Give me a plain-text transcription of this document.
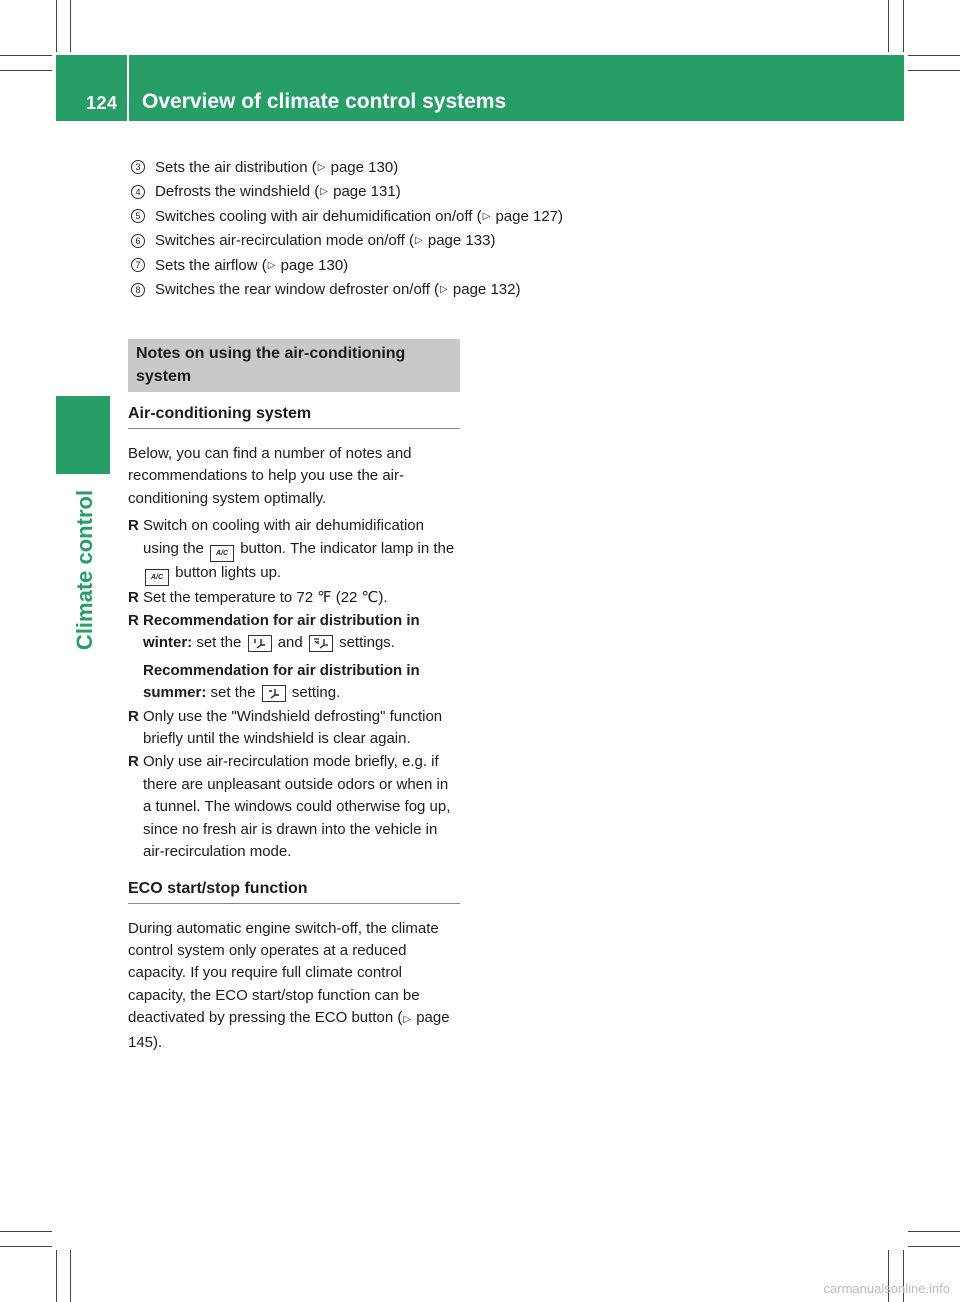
124 Overview of climate control systems
Climate control
3 Sets the air distribution ( ▷
page 130)
4 Defrosts the windshield ( ▷
page 131)
5 Switches cooling with air dehumidification on/off ( ▷
page 127)
6 Switches air-recirculation mode on/off ( ▷
page 133)
7 Sets the airflow ( ▷
page 130)
8 Switches the rear window defroster on/off ( ▷
page 132)
Notes on using the air-conditioning system
Air-conditioning system

Below, you can find a number of notes and recommendations to help you use the air-conditioning system optimally.

R Switch on cooling with air dehumidification using the A/C button. The indicator lamp in the
A/C button lights up.
R Set the temperature to 72 ℉ (22 ℃).
R Recommendation for air distribution in winter: set the
and
settings.
Recommendation for air distribution in summer: set the
setting.
R Only use the "Windshield defrosting" function briefly until the windshield is clear again.
R Only use air-recirculation mode briefly, e.g. if there are unpleasant outside odors or when in a tunnel. The windows could otherwise fog up, since no fresh air is drawn into the vehicle in air-recirculation mode.
ECO start/stop function

During automatic engine switch-off, the climate control system only operates at a reduced capacity. If you require full climate control capacity, the ECO start/stop function can be deactivated by pressing the ECO button (▷ page 145).

carmanualsonline.info
